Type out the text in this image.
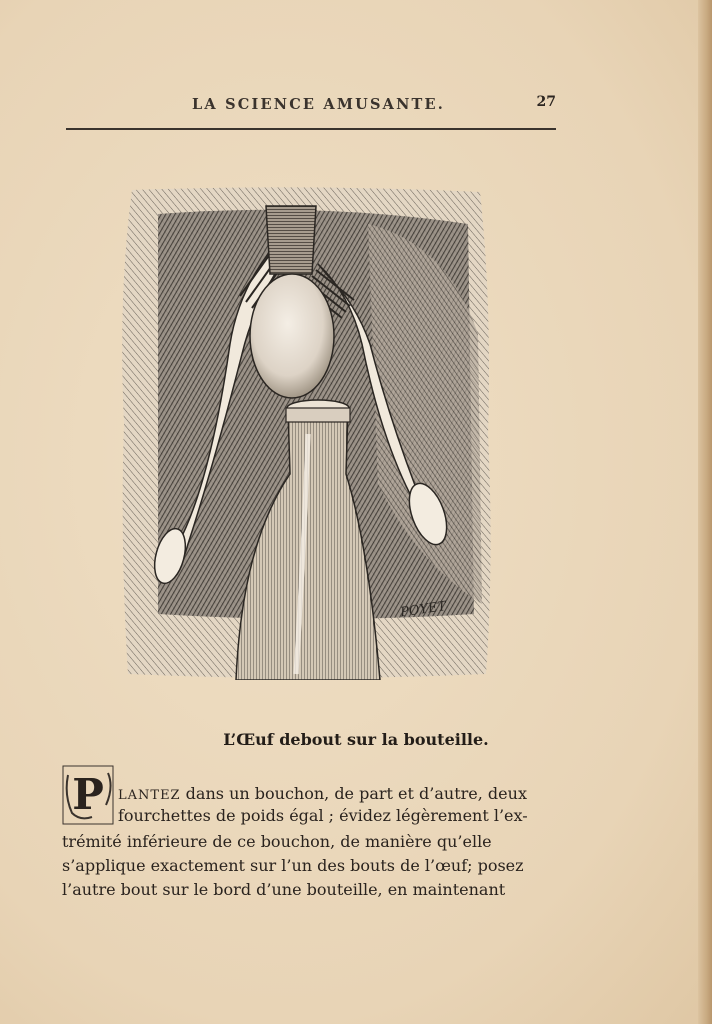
LA SCIENCE AMUSANTE.	27
POYET
L’Œuf debout sur la bouteille.
P LANTEZ dans un bouchon, de part et d’autre, deux
fourchettes de poids égal ; évidez légèrement l’ex-
trémité inférieure de ce bouchon, de manière qu’elle
s’applique exactement sur l’un des bouts de l’œuf; posez
l’autre bout sur le bord d’une bouteille, en maintenant
